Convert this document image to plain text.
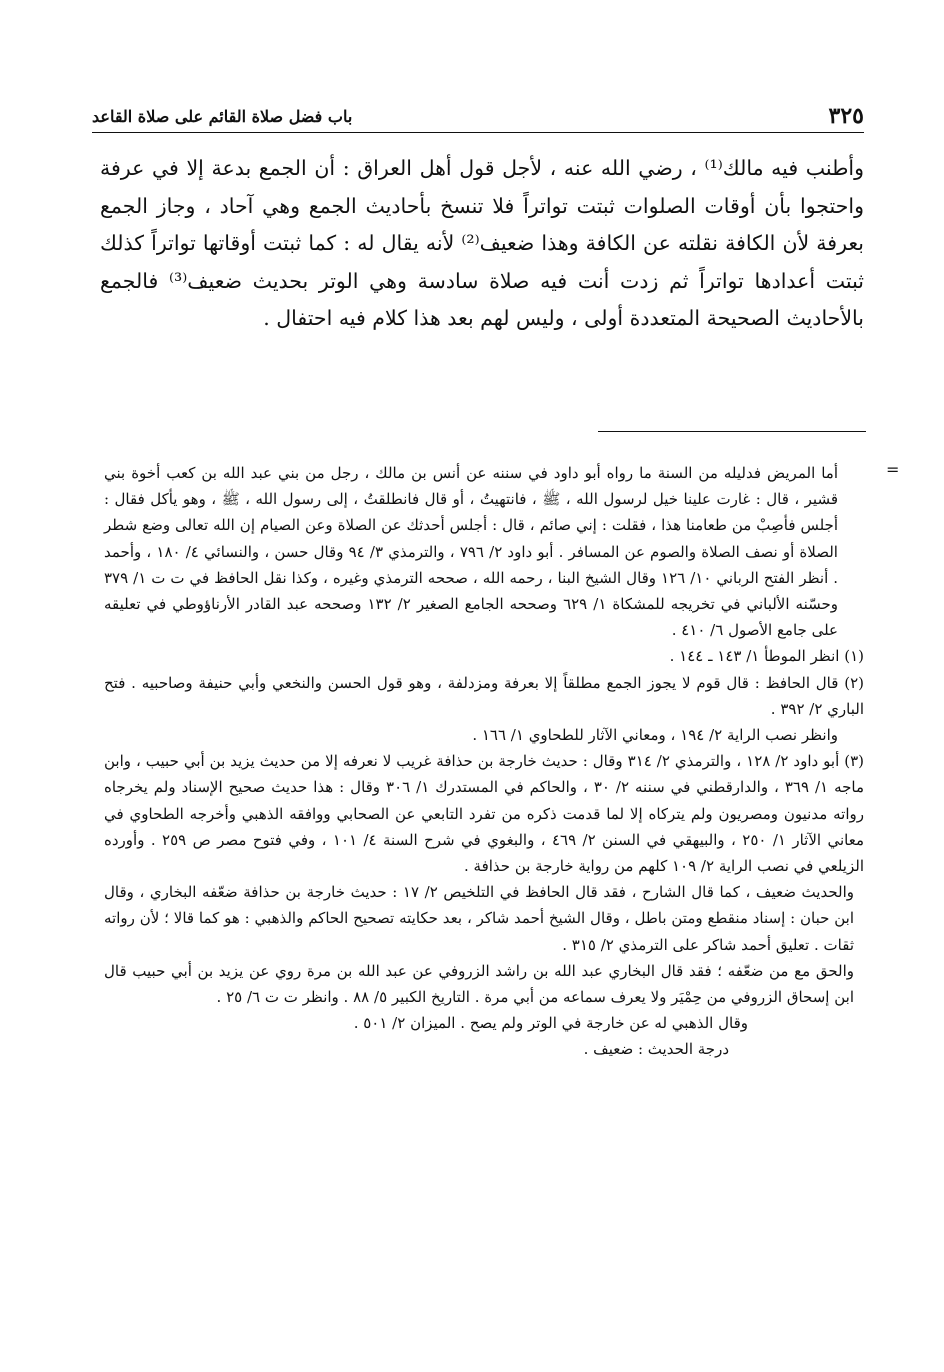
٣٢٥
باب فضل صلاة القائم على صلاة القاعد

وأطنب فيه مالك⁽¹⁾ ، رضي الله عنه ، لأجل قول أهل العراق : أن الجمع بدعة إلا في عرفة واحتجوا بأن أوقات الصلوات ثبتت تواتراً فلا تنسخ بأحاديث الجمع وهي آحاد ، وجاز الجمع بعرفة لأن الكافة نقلته عن الكافة وهذا ضعيف⁽²⁾ لأنه يقال له : كما ثبتت أوقاتها تواتراً كذلك ثبتت أعدادها تواتراً ثم زدت أنت فيه صلاة سادسة وهي الوتر بحديث ضعيف⁽³⁾ فالجمع بالأحاديث الصحيحة المتعددة أولى ، وليس لهم بعد هذا كلام فيه احتفال .

=

أما المريض فدليله من السنة ما رواه أبو داود في سننه عن أنس بن مالك ، رجل من بني عبد الله بن كعب أخوة بني قشير ، قال : غارت علينا خيل لرسول الله ، ﷺ ، فانتهيتُ ، أو قال فانطلقتُ ، إلى رسول الله ، ﷺ ، وهو يأكل فقال : أجلس فأصِبْ من طعامنا هذا ، فقلت : إني صائم ، قال : أجلس أحدثك عن الصلاة وعن الصيام إن الله تعالى وضع شطر الصلاة أو نصف الصلاة والصوم عن المسافر . أبو داود ٢/ ٧٩٦ ، والترمذي ٣/ ٩٤ وقال حسن ، والنسائي ٤/ ١٨٠ ، وأحمد . أنظر الفتح الرباني ١٠/ ١٢٦ وقال الشيخ البنا ، رحمه الله ، صححه الترمذي وغيره ، وكذا نقل الحافظ في ت ت ١/ ٣٧٩ وحسّنه الألباني في تخريجه للمشكاة ١/ ٦٢٩ وصححه الجامع الصغير ٢/ ١٣٢ وصححه عبد القادر الأرناؤوطي في تعليقه على جامع الأصول ٦/ ٤١٠ .

(١) انظر الموطأ ١/ ١٤٣ ـ ١٤٤ .

(٢) قال الحافظ : قال قوم لا يجوز الجمع مطلقاً إلا بعرفة ومزدلفة ، وهو قول الحسن والنخعي وأبي حنيفة وصاحبيه . فتح الباري ٢/ ٣٩٢ .

وانظر نصب الراية ٢/ ١٩٤ ، ومعاني الآثار للطحاوي ١/ ١٦٦ .

(٣) أبو داود ٢/ ١٢٨ ، والترمذي ٢/ ٣١٤ وقال : حديث خارجة بن حذافة غريب لا نعرفه إلا من حديث يزيد بن أبي حبيب ، وابن ماجه ١/ ٣٦٩ ، والدارقطني في سننه ٢/ ٣٠ ، والحاكم في المستدرك ١/ ٣٠٦ وقال : هذا حديث صحيح الإسناد ولم يخرجاه رواته مدنيون ومصريون ولم يتركاه إلا لما قدمت ذكره من تفرد التابعي عن الصحابي ووافقه الذهبي وأخرجه الطحاوي في معاني الآثار ١/ ٢٥٠ ، والبيهقي في السنن ٢/ ٤٦٩ ، والبغوي في شرح السنة ٤/ ١٠١ ، وفي فتوح مصر ص ٢٥٩ . وأورده الزيلعي في نصب الراية ٢/ ١٠٩ كلهم من رواية خارجة بن حذافة .

والحديث ضعيف ، كما قال الشارح ، فقد قال الحافظ في التلخيص ٢/ ١٧ : حديث خارجة بن حذافة ضعّفه البخاري ، وقال ابن حبان : إسناد منقطع ومتن باطل ، وقال الشيخ أحمد شاكر ، بعد حكايته تصحيح الحاكم والذهبي : هو كما قالا ؛ لأن رواته ثقات . تعليق أحمد شاكر على الترمذي ٢/ ٣١٥ .

والحق مع من ضعّفه ؛ فقد قال البخاري عبد الله بن راشد الزروفي عن عبد الله بن مرة روي عن يزيد بن أبي حبيب قال ابن إسحاق الزروفي من حِمْيَر ولا يعرف سماعه من أبي مرة . التاريخ الكبير ٥/ ٨٨ . وانظر ت ت ٦/ ٢٥ .

وقال الذهبي له عن خارجة في الوتر ولم يصح . الميزان ٢/ ٥٠١ .

درجة الحديث : ضعيف .
